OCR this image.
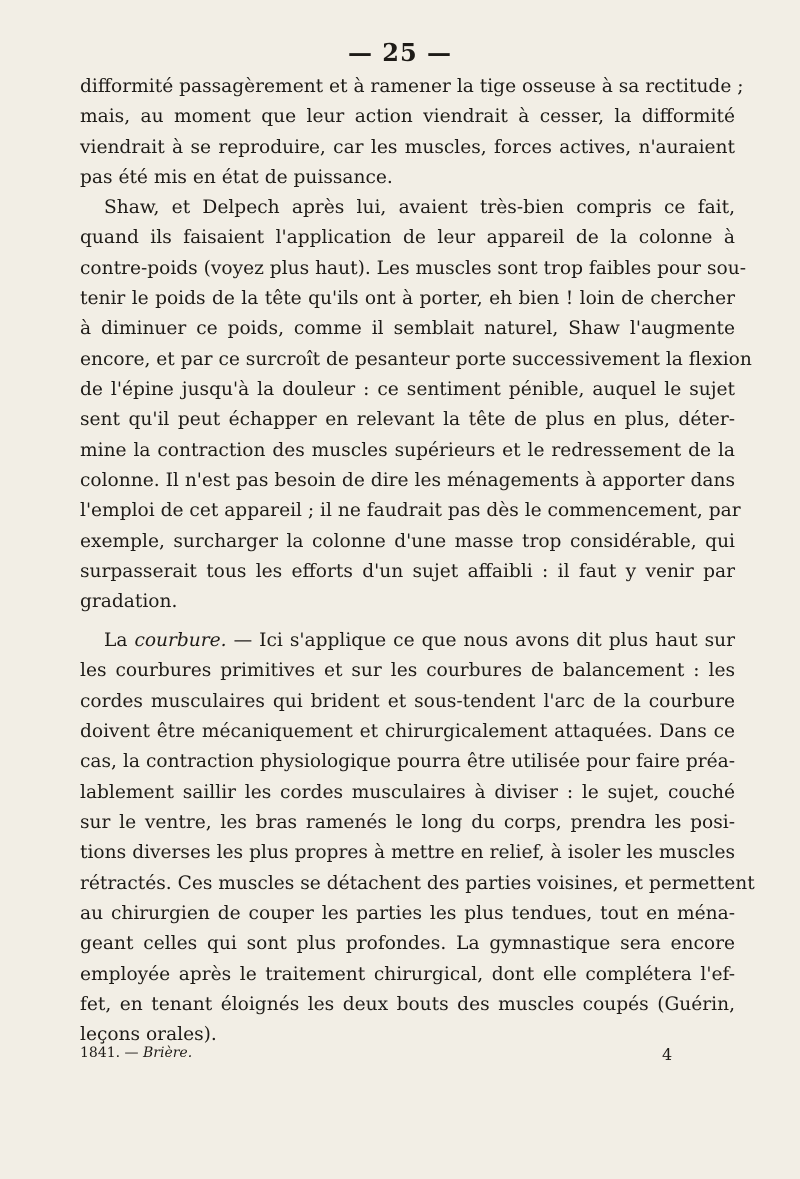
— 25 —
difformité passagèrement et à ramener la tige osseuse à sa rectitude ;
mais, au moment que leur action viendrait à cesser, la difformité
viendrait à se reproduire, car les muscles, forces actives, n'auraient
pas été mis en état de puissance.
Shaw, et Delpech après lui, avaient très-bien compris ce fait,
quand ils faisaient l'application de leur appareil de la colonne à
contre-poids (voyez plus haut). Les muscles sont trop faibles pour sou-
tenir le poids de la tête qu'ils ont à porter, eh bien ! loin de chercher
à diminuer ce poids, comme il semblait naturel, Shaw l'augmente
encore, et par ce surcroît de pesanteur porte successivement la flexion
de l'épine jusqu'à la douleur : ce sentiment pénible, auquel le sujet
sent qu'il peut échapper en relevant la tête de plus en plus, déter-
mine la contraction des muscles supérieurs et le redressement de la
colonne. Il n'est pas besoin de dire les ménagements à apporter dans
l'emploi de cet appareil ; il ne faudrait pas dès le commencement, par
exemple, surcharger la colonne d'une masse trop considérable, qui
surpasserait tous les efforts d'un sujet affaibli : il faut y venir par
gradation.
La courbure. — Ici s'applique ce que nous avons dit plus haut sur
les courbures primitives et sur les courbures de balancement : les
cordes musculaires qui brident et sous-tendent l'arc de la courbure
doivent être mécaniquement et chirurgicalement attaquées. Dans ce
cas, la contraction physiologique pourra être utilisée pour faire préa-
lablement saillir les cordes musculaires à diviser : le sujet, couché
sur le ventre, les bras ramenés le long du corps, prendra les posi-
tions diverses les plus propres à mettre en relief, à isoler les muscles
rétractés. Ces muscles se détachent des parties voisines, et permettent
au chirurgien de couper les parties les plus tendues, tout en ména-
geant celles qui sont plus profondes. La gymnastique sera encore
employée après le traitement chirurgical, dont elle complétera l'ef-
fet, en tenant éloignés les deux bouts des muscles coupés (Guérin,
leçons orales).
1841. — Brière.	4
